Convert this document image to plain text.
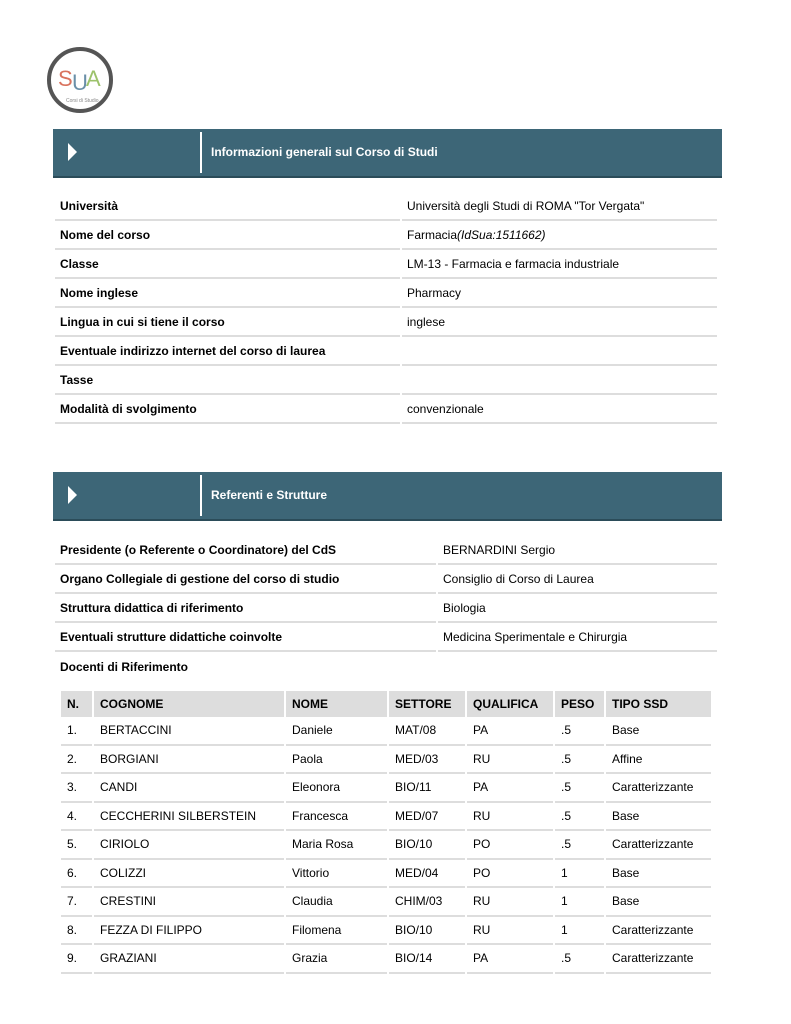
S U
A
Corsi di Studio
Informazioni generali sul Corso di Studi
Università	Università degli Studi di ROMA "Tor Vergata"
Nome del corso	Farmacia(IdSua:1511662)
Classe	LM-13 - Farmacia e farmacia industriale
Nome inglese	Pharmacy
Lingua in cui si tiene il corso	inglese
Eventuale indirizzo internet del corso di laurea	
Tasse	
Modalità di svolgimento	convenzionale
Referenti e Strutture
Presidente (o Referente o Coordinatore) del CdS	BERNARDINI Sergio
Organo Collegiale di gestione del corso di studio	Consiglio di Corso di Laurea
Struttura didattica di riferimento	Biologia
Eventuali strutture didattiche coinvolte	Medicina Sperimentale e Chirurgia
Docenti di Riferimento
N.	COGNOME	NOME	SETTORE	QUALIFICA	PESO	TIPO SSD
1.	BERTACCINI	Daniele	MAT/08	PA	.5	Base
2.	BORGIANI	Paola	MED/03	RU	.5	Affine
3.	CANDI	Eleonora	BIO/11	PA	.5	Caratterizzante
4.	CECCHERINI SILBERSTEIN	Francesca	MED/07	RU	.5	Base
5.	CIRIOLO	Maria Rosa	BIO/10	PO	.5	Caratterizzante
6.	COLIZZI	Vittorio	MED/04	PO	1	Base
7.	CRESTINI	Claudia	CHIM/03	RU	1	Base
8.	FEZZA DI FILIPPO	Filomena	BIO/10	RU	1	Caratterizzante
9.	GRAZIANI	Grazia	BIO/14	PA	.5	Caratterizzante
